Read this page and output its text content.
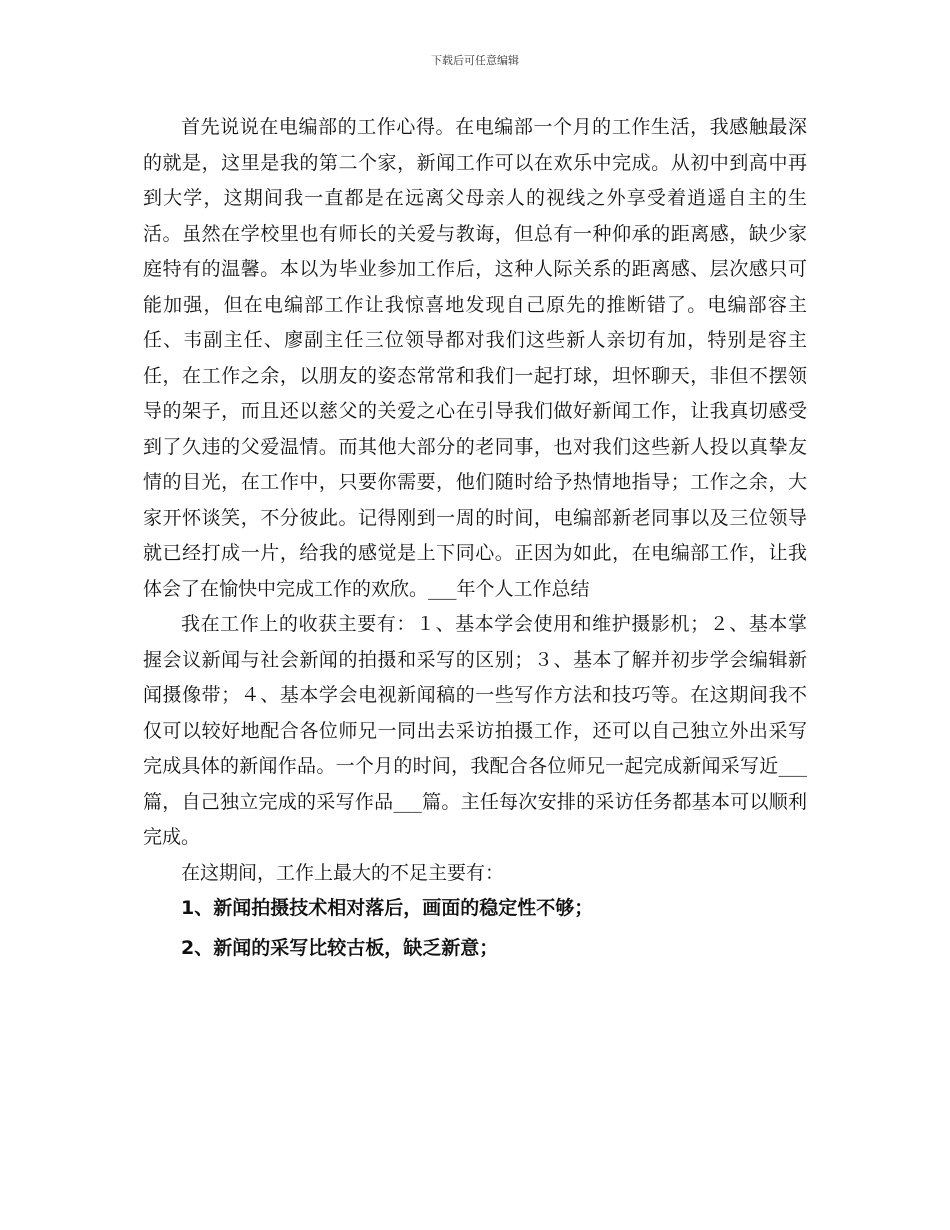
下载后可任意编辑

首先说说在电编部的工作心得。在电编部一个月的工作生活，我感触最深的就是，这里是我的第二个家，新闻工作可以在欢乐中完成。从初中到高中再到大学，这期间我一直都是在远离父母亲人的视线之外享受着逍遥自主的生活。虽然在学校里也有师长的关爱与教诲，但总有一种仰承的距离感，缺少家庭特有的温馨。本以为毕业参加工作后，这种人际关系的距离感、层次感只可能加强，但在电编部工作让我惊喜地发现自己原先的推断错了。电编部容主任、韦副主任、廖副主任三位领导都对我们这些新人亲切有加，特别是容主任，在工作之余，以朋友的姿态常常和我们一起打球，坦怀聊天，非但不摆领导的架子，而且还以慈父的关爱之心在引导我们做好新闻工作，让我真切感受到了久违的父爱温情。而其他大部分的老同事，也对我们这些新人投以真挚友情的目光，在工作中，只要你需要，他们随时给予热情地指导；工作之余，大家开怀谈笑，不分彼此。记得刚到一周的时间，电编部新老同事以及三位领导就已经打成一片，给我的感觉是上下同心。正因为如此，在电编部工作，让我体会了在愉快中完成工作的欢欣。___年个人工作总结

我在工作上的收获主要有：１、基本学会使用和维护摄影机；２、基本掌握会议新闻与社会新闻的拍摄和采写的区别；３、基本了解并初步学会编辑新闻摄像带；４、基本学会电视新闻稿的一些写作方法和技巧等。在这期间我不仅可以较好地配合各位师兄一同出去采访拍摄工作，还可以自己独立外出采写完成具体的新闻作品。一个月的时间，我配合各位师兄一起完成新闻采写近___篇，自己独立完成的采写作品___篇。主任每次安排的采访任务都基本可以顺利完成。

在这期间，工作上最大的不足主要有：

1、新闻拍摄技术相对落后，画面的稳定性不够；

2、新闻的采写比较古板，缺乏新意；
